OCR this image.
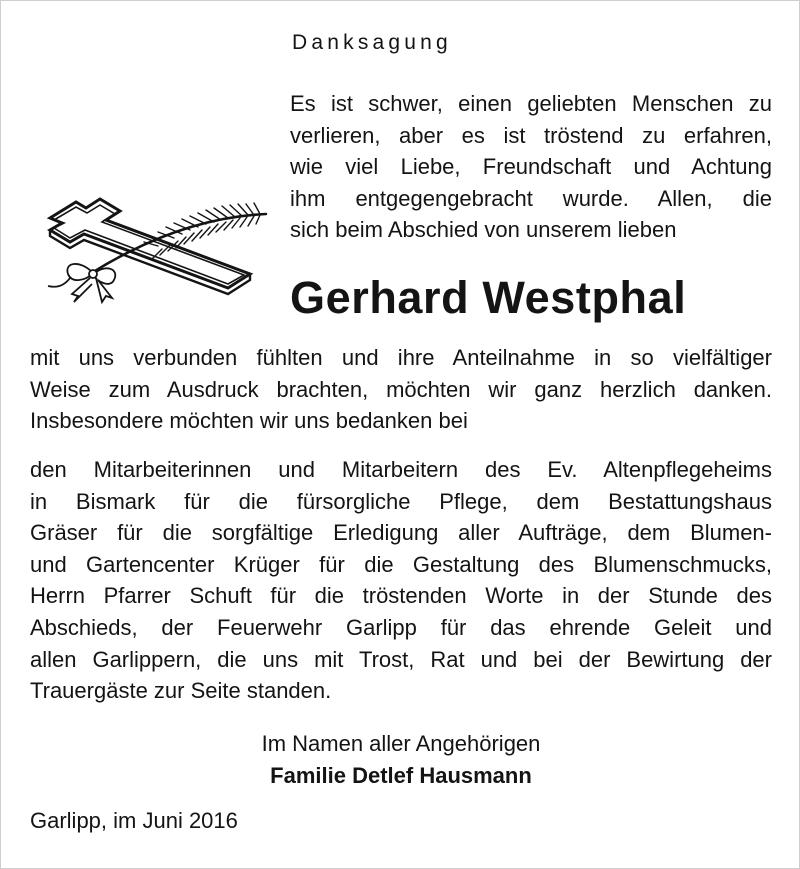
Danksagung
Es ist schwer, einen geliebten Menschen zu
verlieren, aber es ist tröstend zu erfahren,
wie viel Liebe, Freundschaft und Achtung
ihm entgegengebracht wurde. Allen, die
sich beim Abschied von unserem lieben
Gerhard Westphal
mit uns verbunden fühlten und ihre Anteilnahme in so vielfältiger
Weise zum Ausdruck brachten, möchten wir ganz herzlich danken.
Insbesondere möchten wir uns bedanken bei
den Mitarbeiterinnen und Mitarbeitern des Ev. Altenpflegeheims
in Bismark für die fürsorgliche Pflege, dem Bestattungshaus
Gräser für die sorgfältige Erledigung aller Aufträge, dem Blumen-
und Gartencenter Krüger für die Gestaltung des Blumenschmucks,
Herrn Pfarrer Schuft für die tröstenden Worte in der Stunde des
Abschieds, der Feuerwehr Garlipp für das ehrende Geleit und
allen Garlippern, die uns mit Trost, Rat und bei der Bewirtung der
Trauergäste zur Seite standen.
Im Namen aller Angehörigen
Familie Detlef Hausmann
Garlipp, im Juni 2016
